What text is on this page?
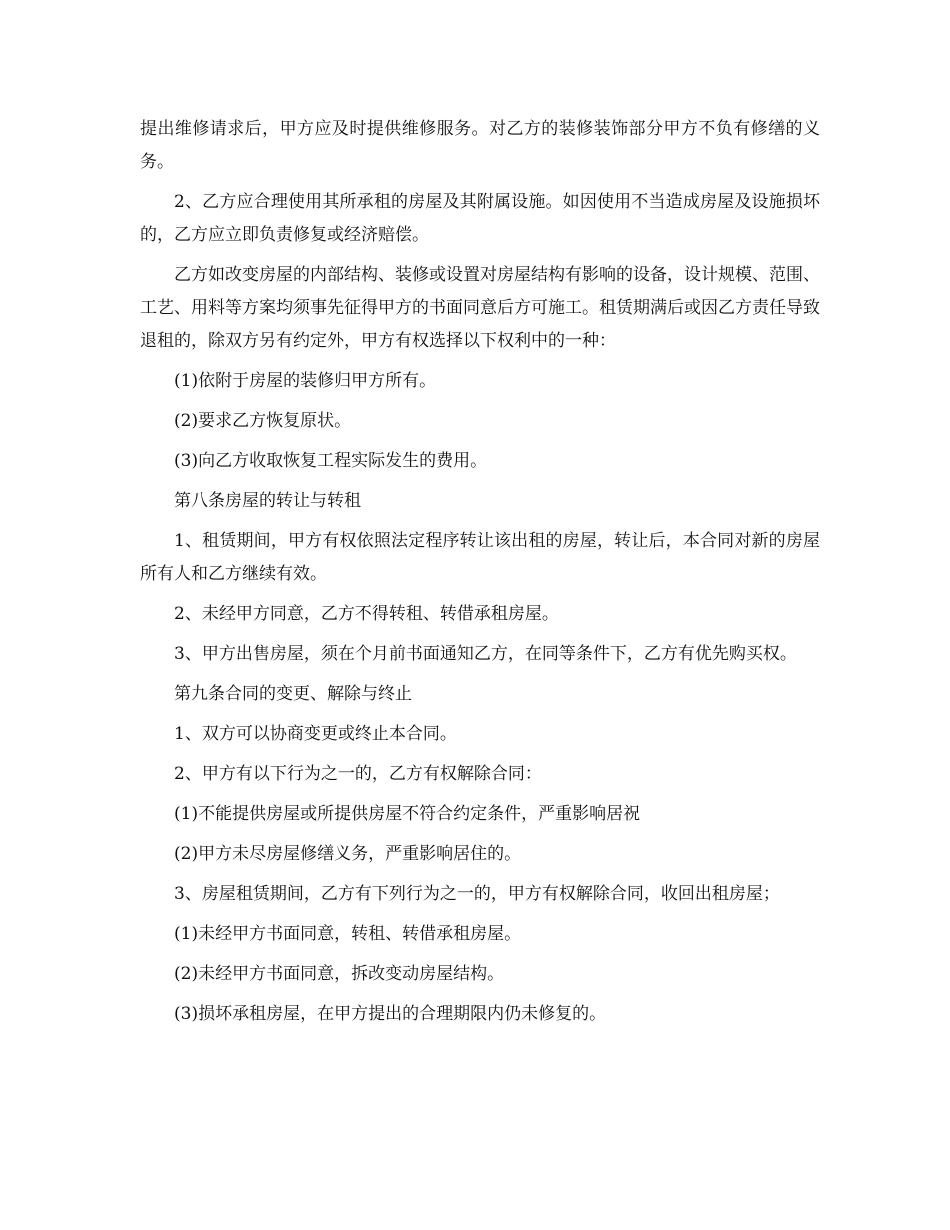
提出维修请求后，甲方应及时提供维修服务。对乙方的装修装饰部分甲方不负有修缮的义务。

2、乙方应合理使用其所承租的房屋及其附属设施。如因使用不当造成房屋及设施损坏的，乙方应立即负责修复或经济赔偿。

乙方如改变房屋的内部结构、装修或设置对房屋结构有影响的设备，设计规模、范围、工艺、用料等方案均须事先征得甲方的书面同意后方可施工。租赁期满后或因乙方责任导致退租的，除双方另有约定外，甲方有权选择以下权利中的一种：

(1)依附于房屋的装修归甲方所有。

(2)要求乙方恢复原状。

(3)向乙方收取恢复工程实际发生的费用。

第八条房屋的转让与转租

1、租赁期间，甲方有权依照法定程序转让该出租的房屋，转让后，本合同对新的房屋所有人和乙方继续有效。

2、未经甲方同意，乙方不得转租、转借承租房屋。

3、甲方出售房屋，须在个月前书面通知乙方，在同等条件下，乙方有优先购买权。

第九条合同的变更、解除与终止

1、双方可以协商变更或终止本合同。

2、甲方有以下行为之一的，乙方有权解除合同：

(1)不能提供房屋或所提供房屋不符合约定条件，严重影响居祝

(2)甲方未尽房屋修缮义务，严重影响居住的。

3、房屋租赁期间，乙方有下列行为之一的，甲方有权解除合同，收回出租房屋；

(1)未经甲方书面同意，转租、转借承租房屋。

(2)未经甲方书面同意，拆改变动房屋结构。

(3)损坏承租房屋，在甲方提出的合理期限内仍未修复的。
